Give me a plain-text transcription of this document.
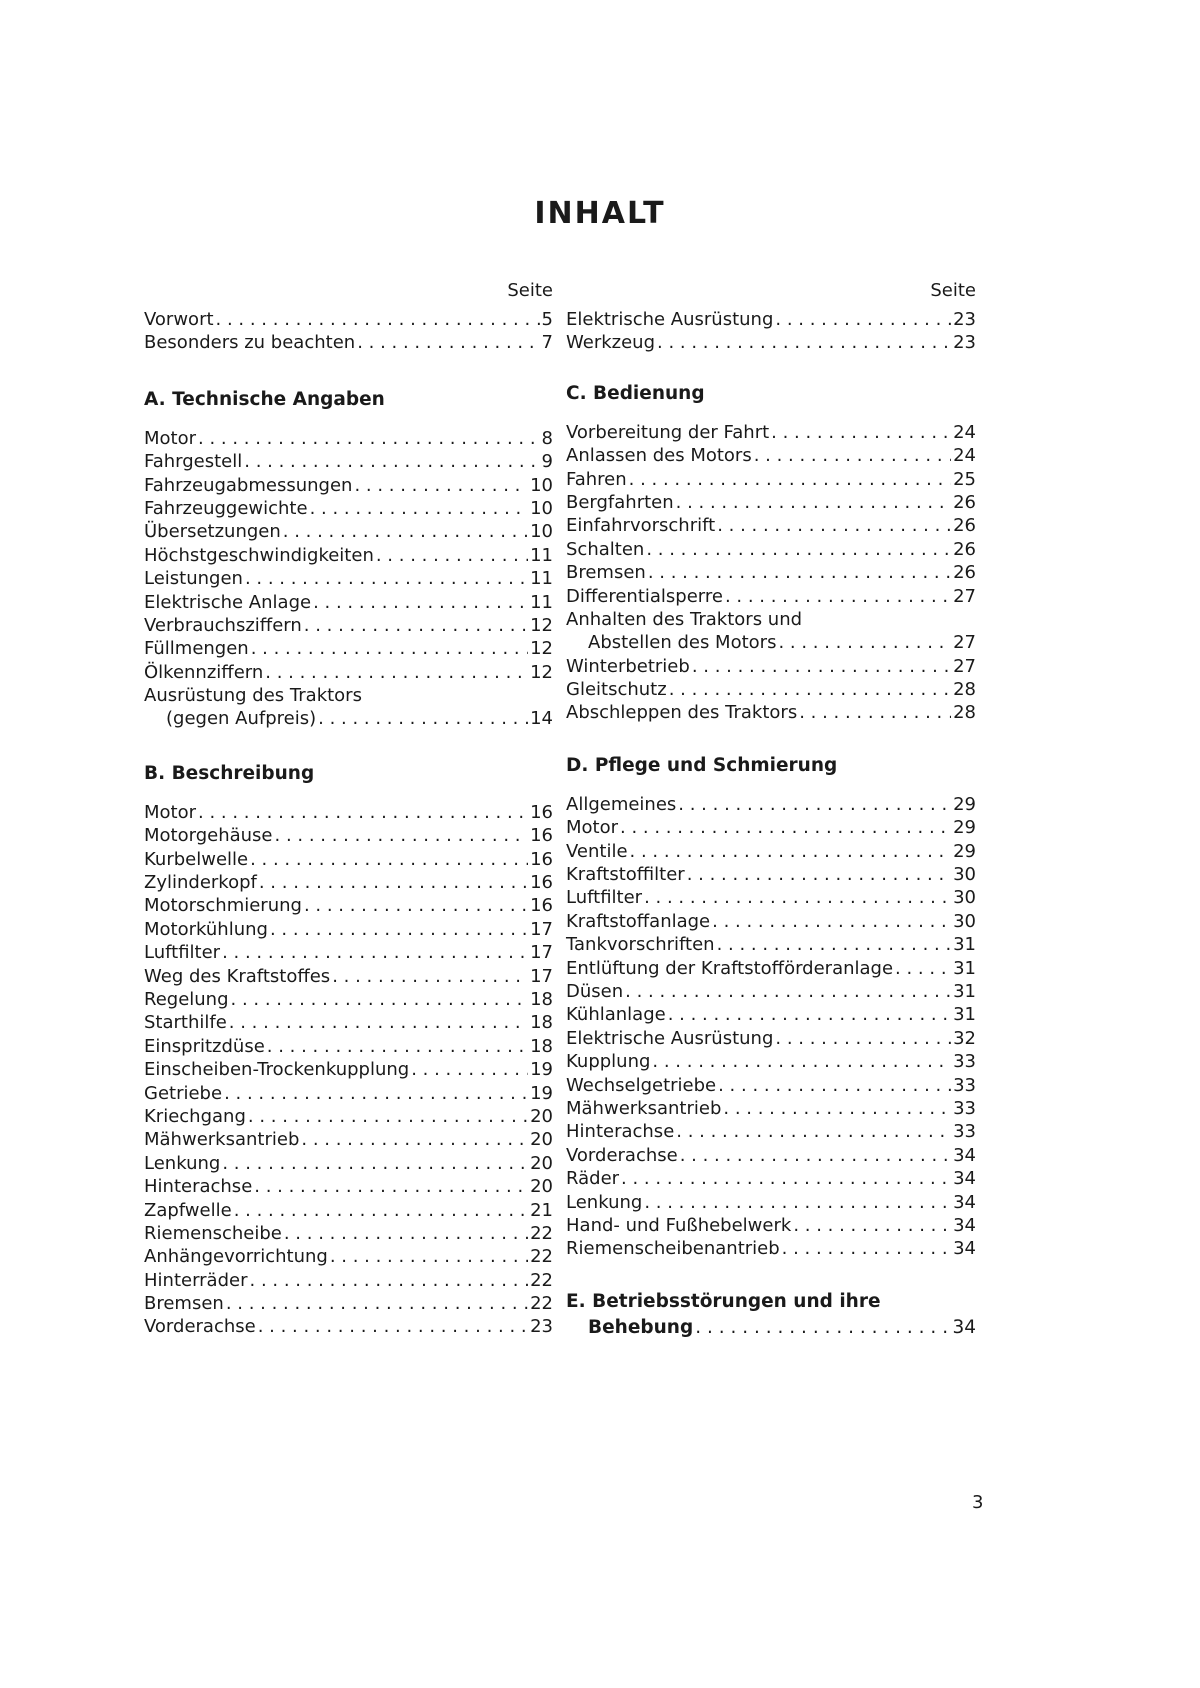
INHALT
Seite
Vorwort . . .	5
Besonders zu beachten . . .	7
A. Technische Angaben
Motor . . .	8
Fahrgestell . . .	9
Fahrzeugabmessungen . . .	10
Fahrzeuggewichte . . .	10
Übersetzungen . . .	10
Höchstgeschwindigkeiten . . .	11
Leistungen . . .	11
Elektrische Anlage . . .	11
Verbrauchsziffern . . .	12
Füllmengen . . .	12
Ölkennziffern . . .	12
Ausrüstung des Traktors
(gegen Aufpreis) . . .	14
B. Beschreibung
Motor . . .	16
Motorgehäuse . . .	16
Kurbelwelle . . .	16
Zylinderkopf . . .	16
Motorschmierung . . .	16
Motorkühlung . . .	17
Luftfilter . . .	17
Weg des Kraftstoffes . . .	17
Regelung . . .	18
Starthilfe . . .	18
Einspritzdüse . . .	18
Einscheiben-Trockenkupplung . . .	19
Getriebe . . .	19
Kriechgang . . .	20
Mähwerksantrieb . . .	20
Lenkung . . .	20
Hinterachse . . .	20
Zapfwelle . . .	21
Riemenscheibe . . .	22
Anhängevorrichtung . . .	22
Hinterräder . . .	22
Bremsen . . .	22
Vorderachse . . .	23
Seite
Elektrische Ausrüstung . . .	23
Werkzeug . . .	23
C. Bedienung
Vorbereitung der Fahrt . . .	24
Anlassen des Motors . . .	24
Fahren . . .	25
Bergfahrten . . .	26
Einfahrvorschrift . . .	26
Schalten . . .	26
Bremsen . . .	26
Differentialsperre . . .	27
Anhalten des Traktors und
Abstellen des Motors . . .	27
Winterbetrieb . . .	27
Gleitschutz . . .	28
Abschleppen des Traktors . . .	28
D. Pflege und Schmierung
Allgemeines . . .	29
Motor . . .	29
Ventile . . .	29
Kraftstoffilter . . .	30
Luftfilter . . .	30
Kraftstoffanlage . . .	30
Tankvorschriften . . .	31
Entlüftung der Kraftstofförderanlage . . .	31
Düsen . . .	31
Kühlanlage . . .	31
Elektrische Ausrüstung . . .	32
Kupplung . . .	33
Wechselgetriebe . . .	33
Mähwerksantrieb . . .	33
Hinterachse . . .	33
Vorderachse . . .	34
Räder . . .	34
Lenkung . . .	34
Hand- und Fußhebelwerk . . .	34
Riemenscheibenantrieb . . .	34
E. Betriebsstörungen und ihre
Behebung . . .	34
3
